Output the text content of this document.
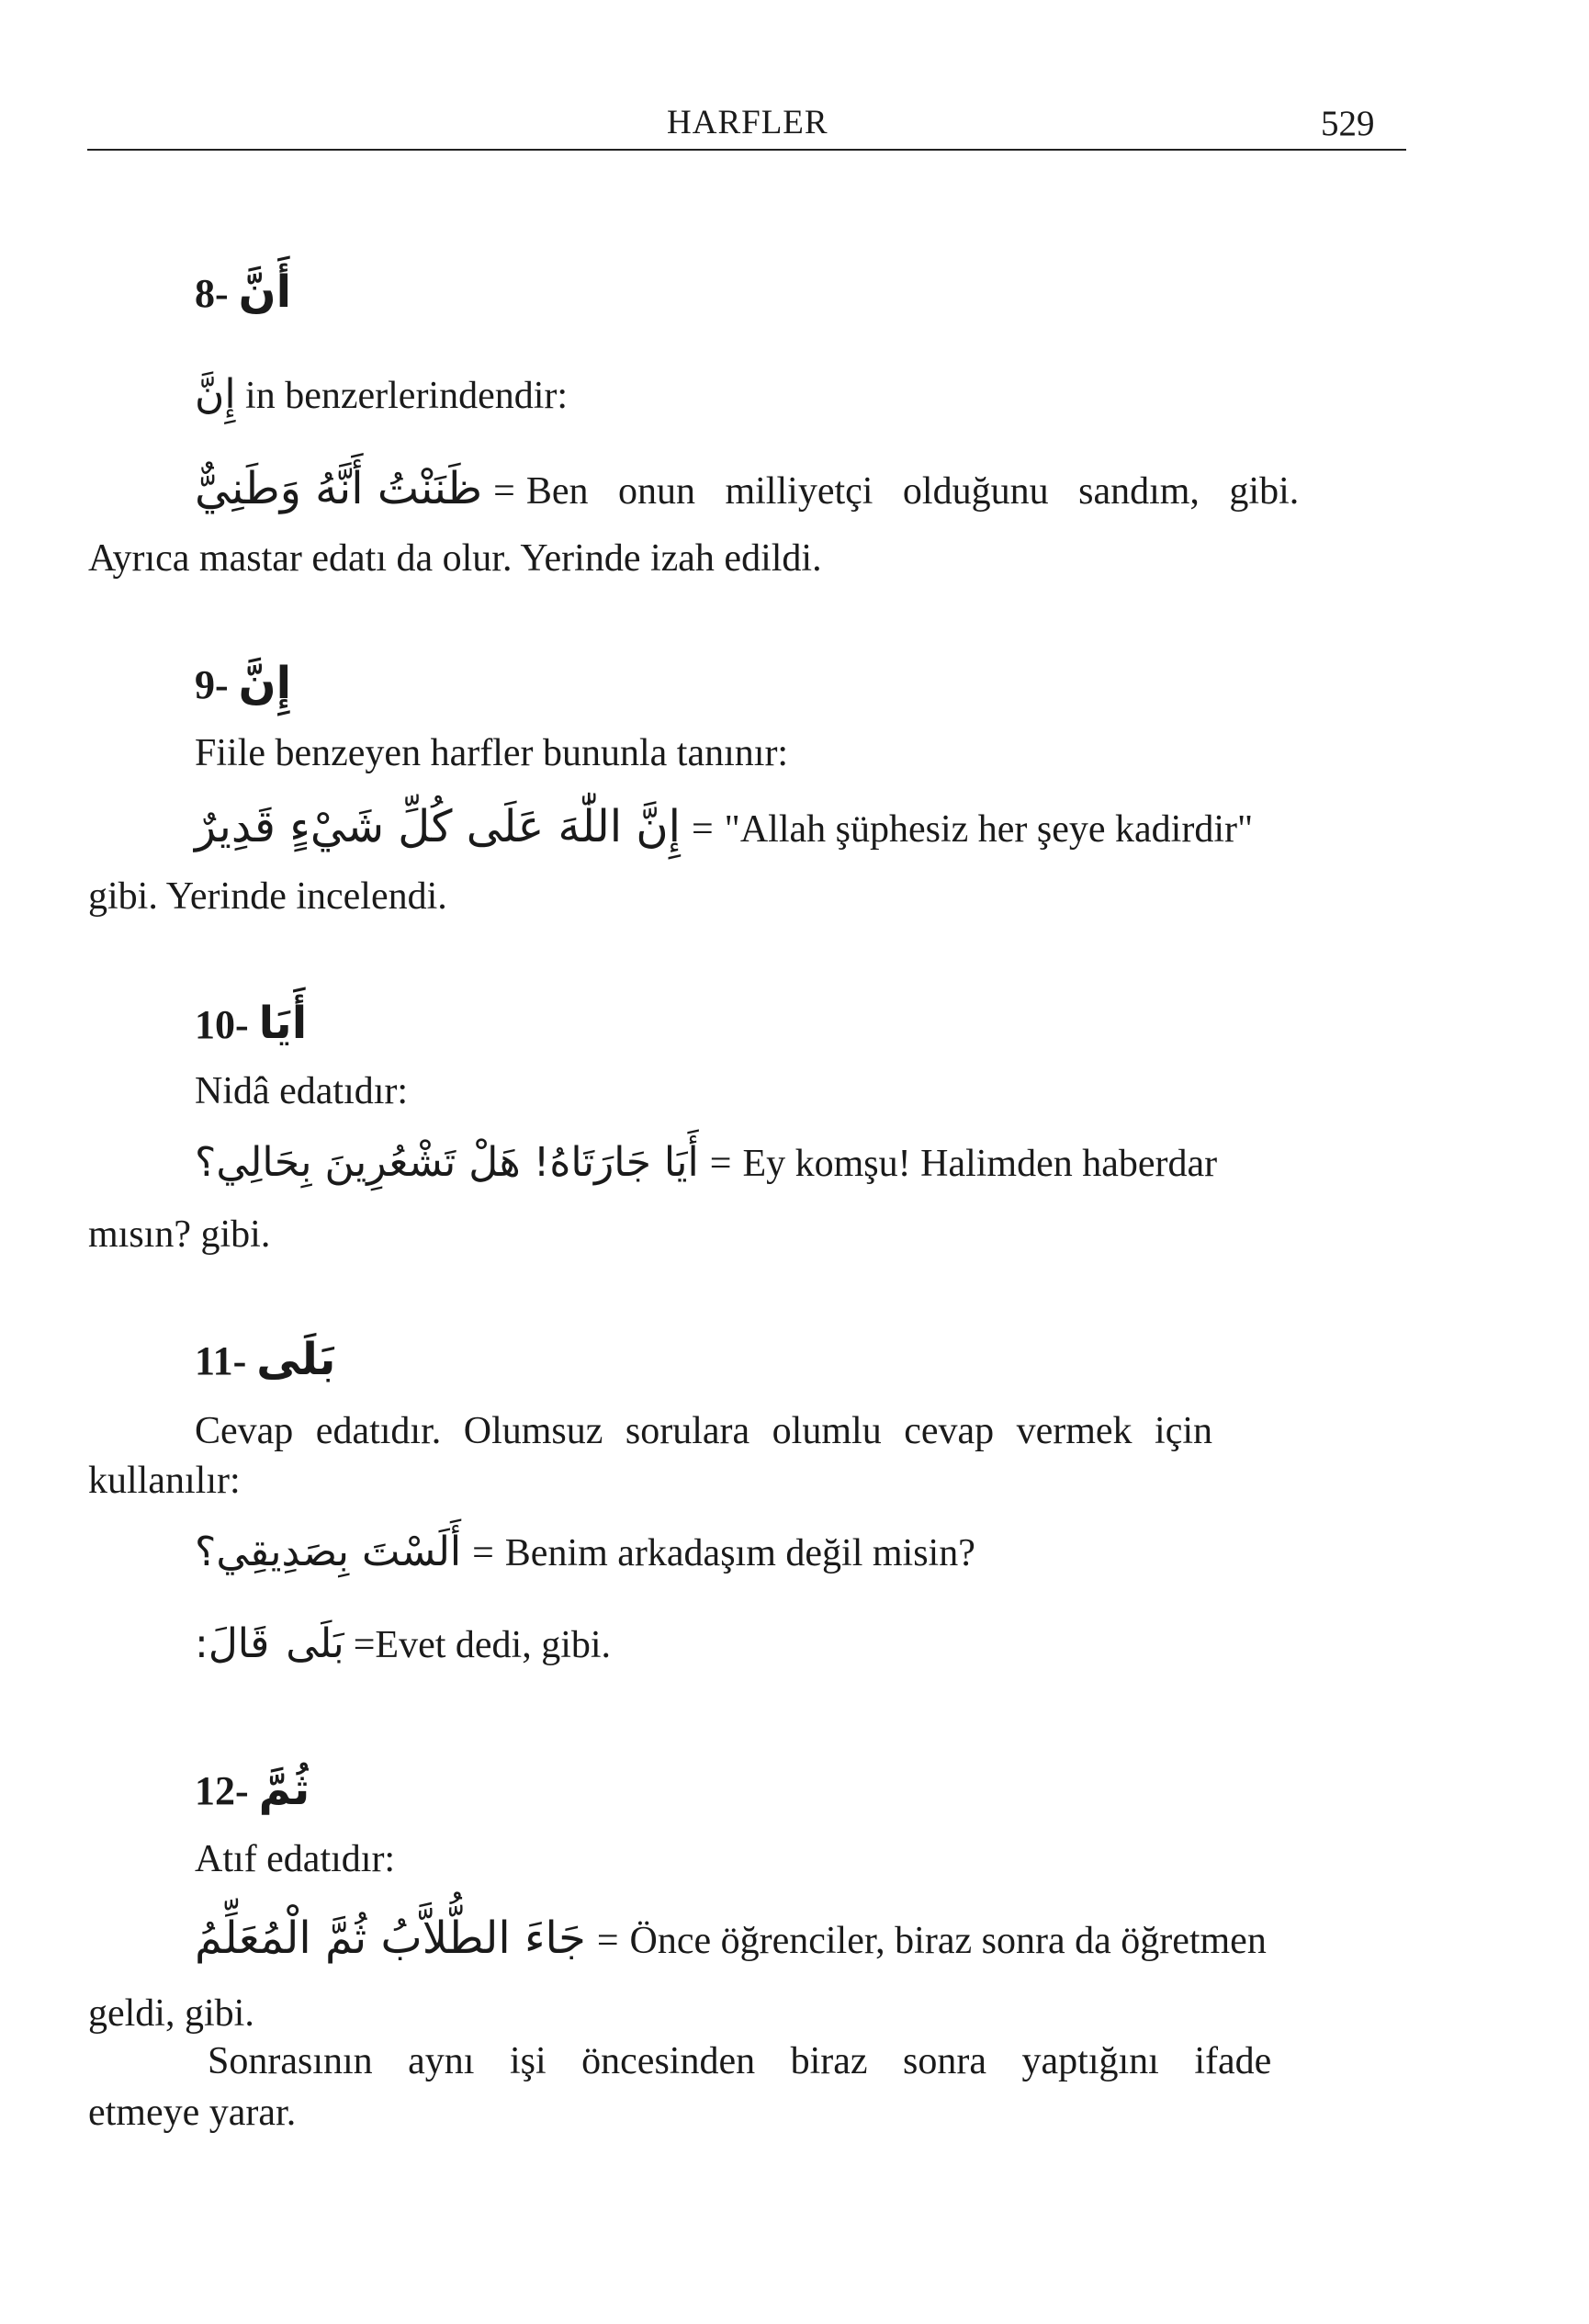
HARFLER	529
8- أَنَّ
إِنَّ in benzerlerindendir:
ظَنَنْتُ أَنَّهُ وَطَنِيٌّ = Ben onun milliyetçi olduğunu sandım, gibi.
Ayrıca mastar edatı da olur. Yerinde izah edildi.
9- إِنَّ
Fiile benzeyen harfler bununla tanınır:
إِنَّ اللّٰهَ عَلَى كُلِّ شَيْءٍ قَدِيرٌ = "Allah şüphesiz her şeye kadirdir"
gibi. Yerinde incelendi.
10- أَيَا
Nidâ edatıdır:
أَيَا جَارَتَاهُ! هَلْ تَشْعُرِينَ بِحَالِي؟ = Ey komşu! Halimden haberdar
mısın? gibi.
11- بَلَى
Cevap edatıdır. Olumsuz sorulara olumlu cevap vermek için
kullanılır:
أَلَسْتَ بِصَدِيقِي؟ = Benim arkadaşım değil misin?
قَالَ: بَلَى =Evet dedi, gibi.
12- ثُمَّ
Atıf edatıdır:
جَاءَ الطُّلاَّبُ ثُمَّ الْمُعَلِّمُ = Önce öğrenciler, biraz sonra da öğretmen
geldi, gibi.
Sonrasının aynı işi öncesinden biraz sonra yaptığını ifade
etmeye yarar.
